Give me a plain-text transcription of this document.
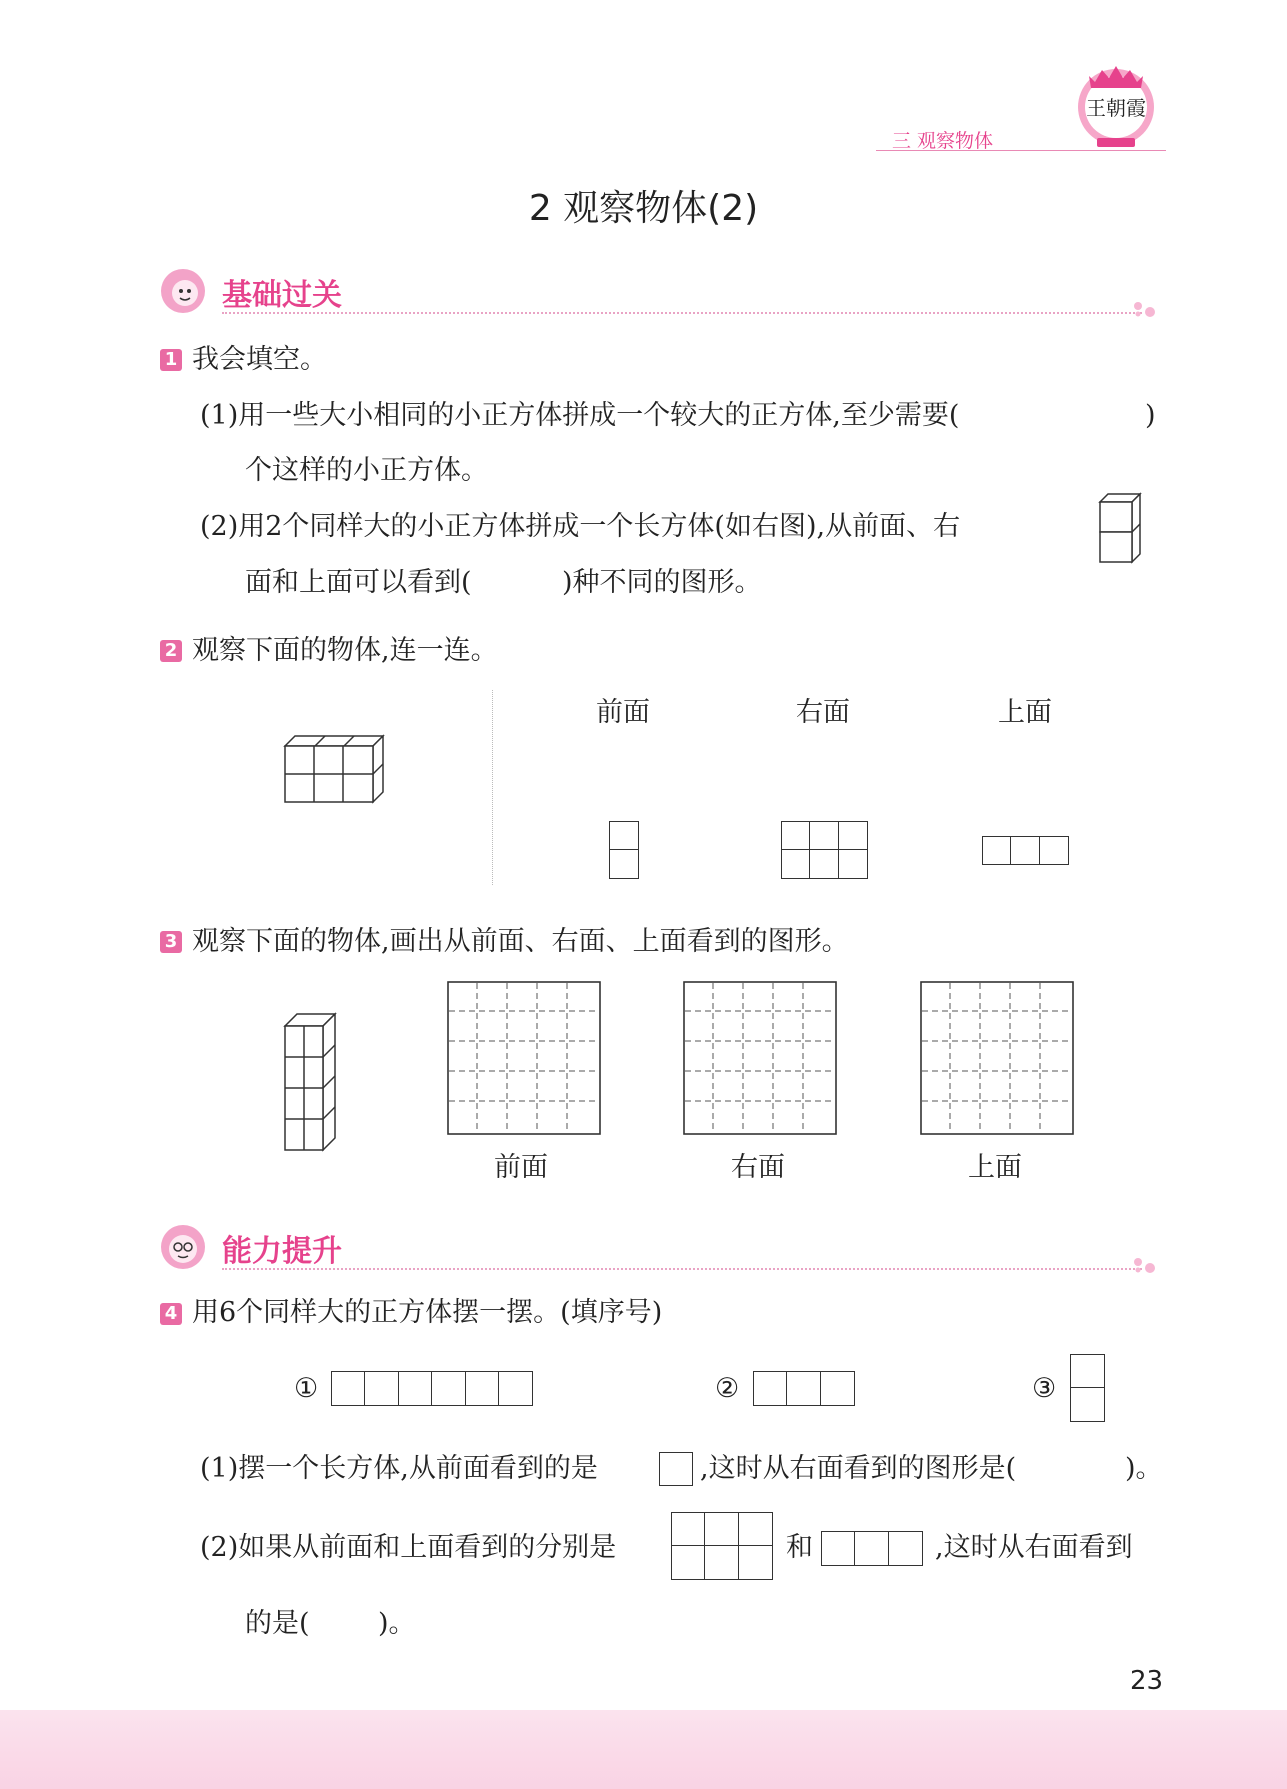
三 观察物体
王朝霞
2 观察物体(2)
基础过关
1 我会填空。
(1)用一些大小相同的小正方体拼成一个较大的正方体,至少需要(	)
个这样的小正方体。
(2)用2个同样大的小正方体拼成一个长方体(如右图),从前面、右
面和上面可以看到(	)种不同的图形。
2 观察下面的物体,连一连。
前面	右面	上面
3 观察下面的物体,画出从前面、右面、上面看到的图形。
前面	右面	上面
能力提升
4 用6个同样大的正方体摆一摆。(填序号)
①	②	③
(1)摆一个长方体,从前面看到的是	,这时从右面看到的图形是(	)。
(2)如果从前面和上面看到的分别是	和	,这时从右面看到
的是(	)。
23
